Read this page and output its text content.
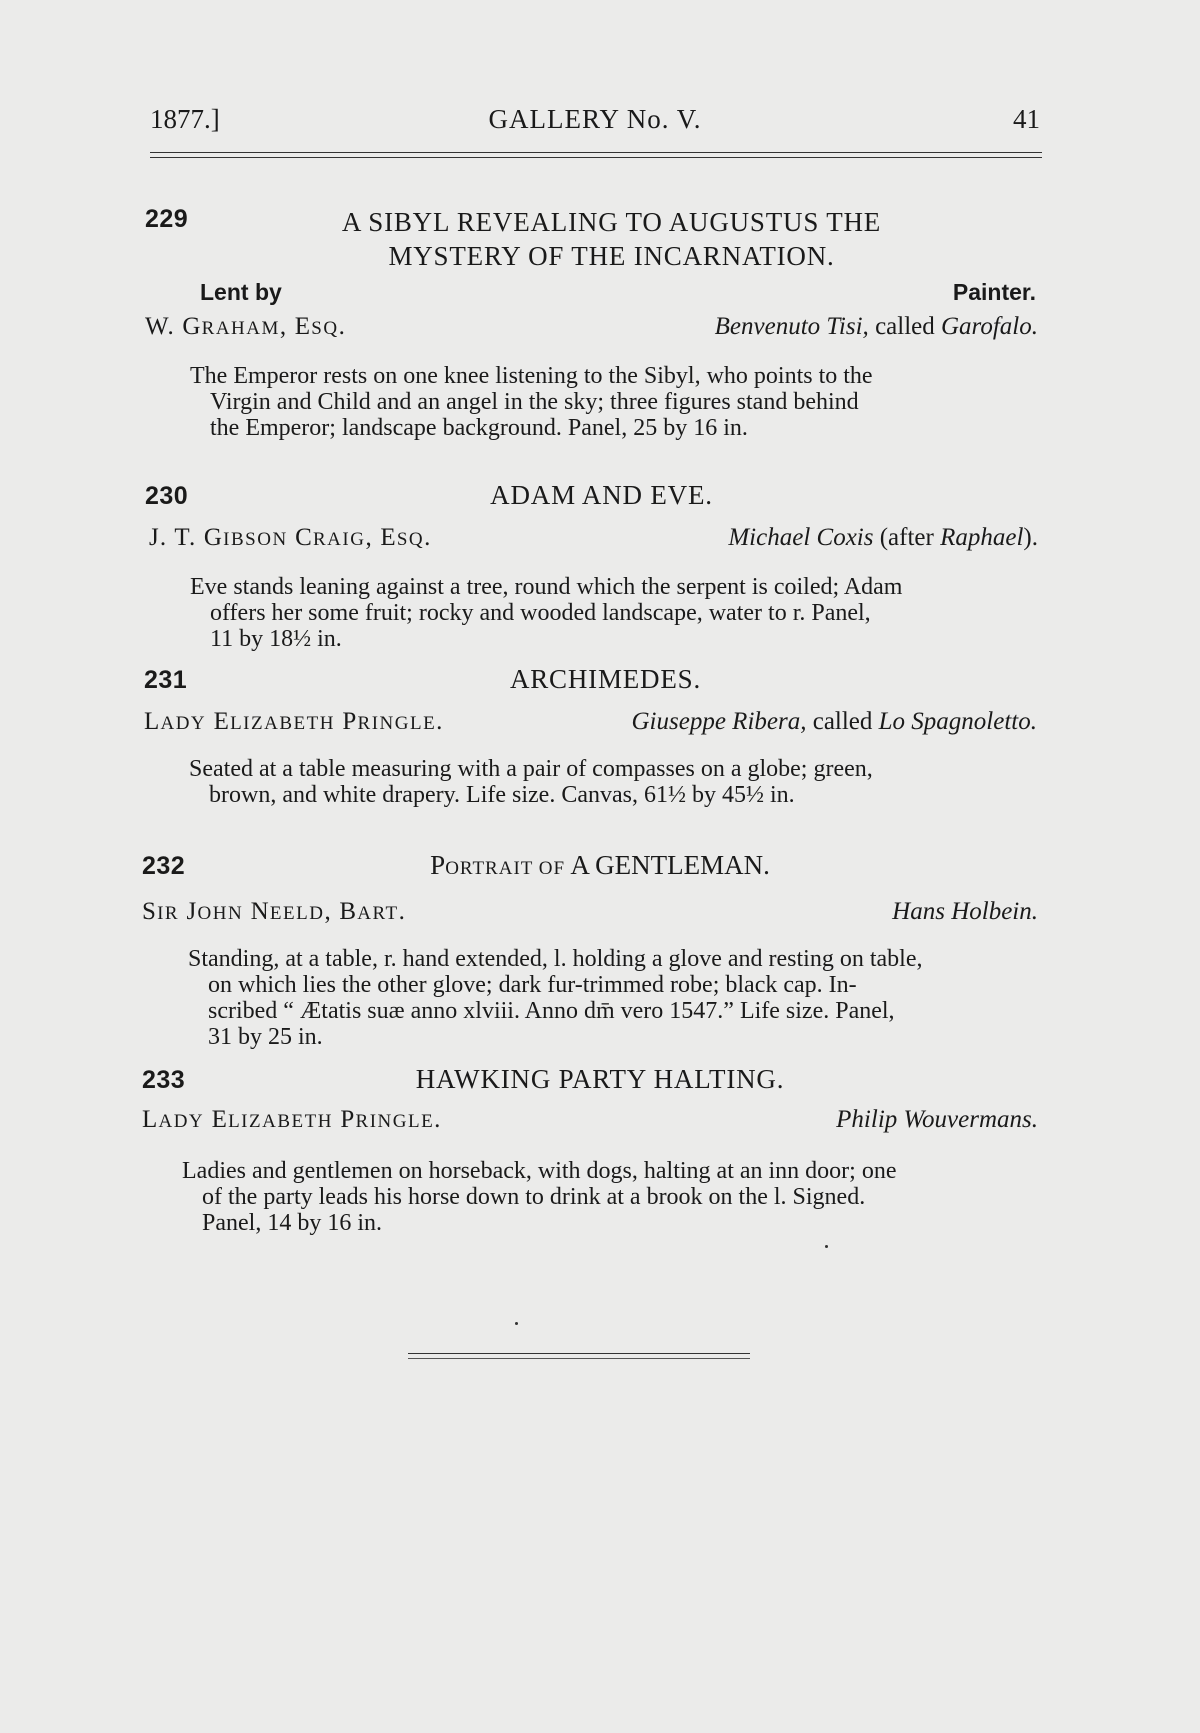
1877.]	GALLERY No. V.	41
229	A SIBYL REVEALING TO AUGUSTUS THE
MYSTERY OF THE INCARNATION.
Lent by	Painter.
W. GRAHAM, ESQ.	Benvenuto Tisi, called Garofalo.
The Emperor rests on one knee listening to the Sibyl, who points to the
Virgin and Child and an angel in the sky; three figures stand behind
the Emperor; landscape background. Panel, 25 by 16 in.
230	ADAM AND EVE.
J. T. GIBSON CRAIG, ESQ.	Michael Coxis (after Raphael).
Eve stands leaning against a tree, round which the serpent is coiled; Adam
offers her some fruit; rocky and wooded landscape, water to r. Panel,
11 by 18½ in.
231	ARCHIMEDES.
LADY ELIZABETH PRINGLE.	Giuseppe Ribera, called Lo Spagnoletto.
Seated at a table measuring with a pair of compasses on a globe; green,
brown, and white drapery. Life size. Canvas, 61½ by 45½ in.
232	PORTRAIT OF A GENTLEMAN.
SIR JOHN NEELD, BART.	Hans Holbein.
Standing, at a table, r. hand extended, l. holding a glove and resting on table,
on which lies the other glove; dark fur-trimmed robe; black cap. In-
scribed “ Ætatis suæ anno xlviii. Anno dm̄ vero 1547.” Life size. Panel,
31 by 25 in.
233	HAWKING PARTY HALTING.
LADY ELIZABETH PRINGLE.	Philip Wouvermans.
Ladies and gentlemen on horseback, with dogs, halting at an inn door; one
of the party leads his horse down to drink at a brook on the l. Signed.
Panel, 14 by 16 in.
